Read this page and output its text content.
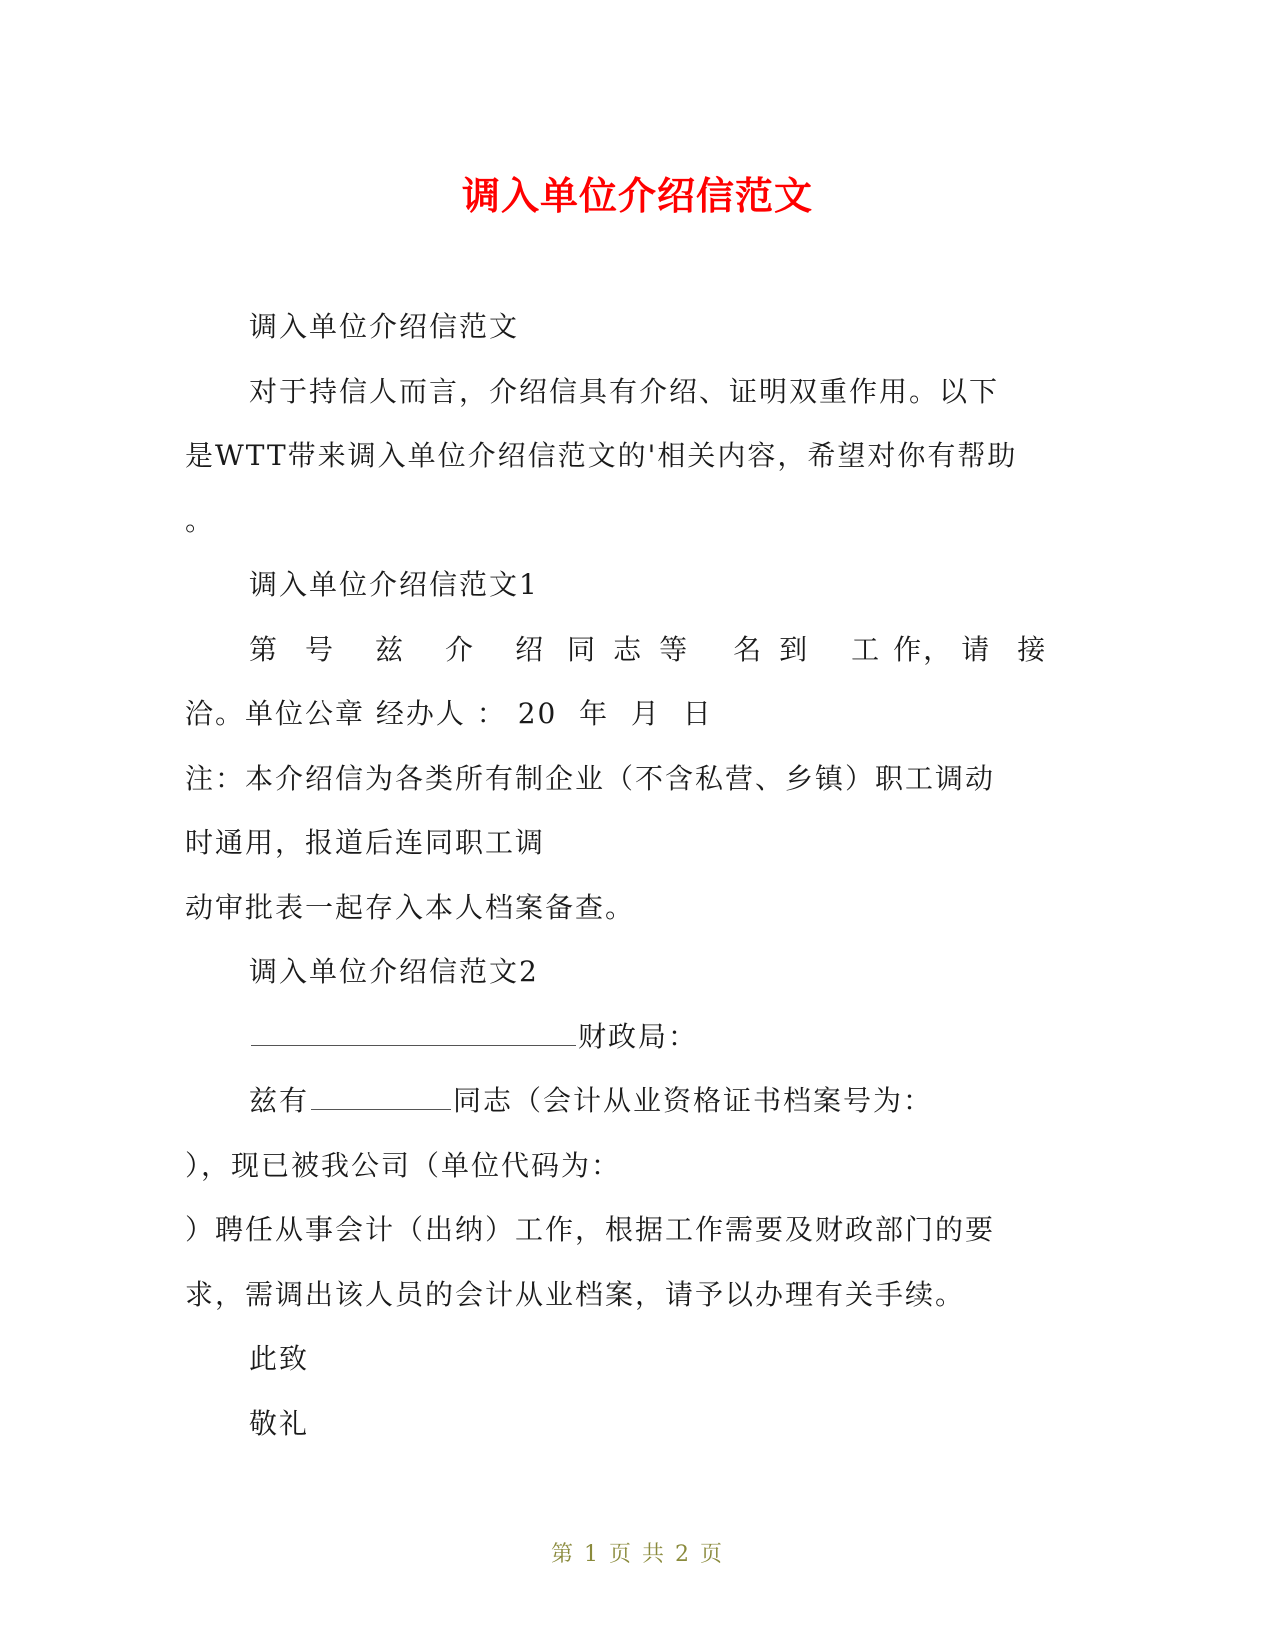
调入单位介绍信范文
调入单位介绍信范文
对于持信人而言，介绍信具有介绍、证明双重作用。以下
是WTT带来调入单位介绍信范文的'相关内容，希望对你有帮助
。
调入单位介绍信范文1
第 号 兹 介 绍 同 志 等 名 到 工 作， 请 接
洽。单位公章 经办人 ： 20  年  月  日
注：本介绍信为各类所有制企业（不含私营、乡镇）职工调动
时通用，报道后连同职工调
动审批表一起存入本人档案备查。
调入单位介绍信范文2
财政局：
兹有	同志（会计从业资格证书档案号为：
），现已被我公司（单位代码为：
）聘任从事会计（出纳）工作，根据工作需要及财政部门的要
求，需调出该人员的会计从业档案，请予以办理有关手续。
此致
敬礼
第 1 页 共 2 页
